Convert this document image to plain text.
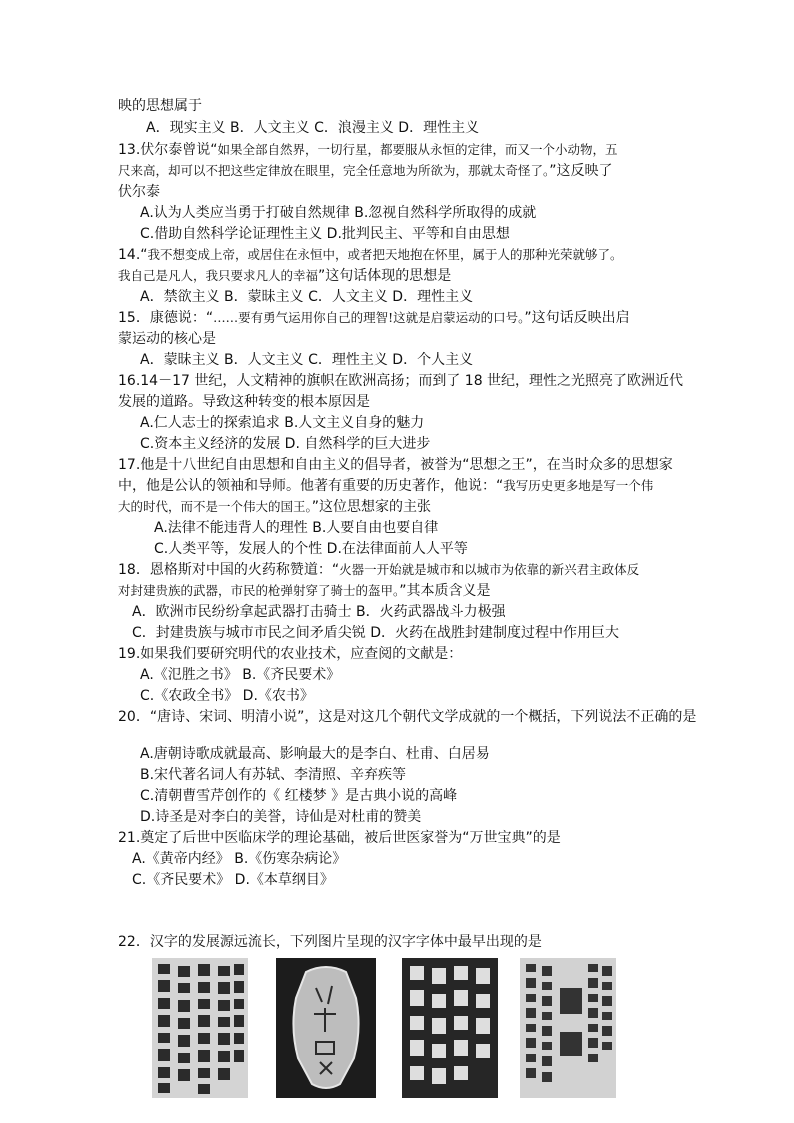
映的思想属于
A．现实主义 B．人文主义 C．浪漫主义 D．理性主义
13.伏尔泰曾说“如果全部自然界，一切行星，都要服从永恒的定律，而又一个小动物，五
尺来高，却可以不把这些定律放在眼里，完全任意地为所欲为，那就太奇怪了。”这反映了
伏尔泰
A.认为人类应当勇于打破自然规律 B.忽视自然科学所取得的成就
C.借助自然科学论证理性主义 D.批判民主、平等和自由思想
14.“我不想变成上帝，或居住在永恒中，或者把天地抱在怀里，属于人的那种光荣就够了。
我自己是凡人，我只要求凡人的幸福”这句话体现的思想是
A．禁欲主义 B．蒙昧主义 C．人文主义 D．理性主义
15．康德说：“……要有勇气运用你自己的理智!这就是启蒙运动的口号。”这句话反映出启
蒙运动的核心是
A．蒙昧主义 B．人文主义 C．理性主义 D．个人主义
16.14－17 世纪，人文精神的旗帜在欧洲高扬；而到了 18 世纪，理性之光照亮了欧洲近代
发展的道路。导致这种转变的根本原因是
A.仁人志士的探索追求 B.人文主义自身的魅力
C.资本主义经济的发展 D. 自然科学的巨大进步
17.他是十八世纪自由思想和自由主义的倡导者，被誉为“思想之王”，在当时众多的思想家
中，他是公认的领袖和导师。他著有重要的历史著作，他说：“我写历史更多地是写一个伟
大的时代，而不是一个伟大的国王。”这位思想家的主张
A.法律不能违背人的理性 B.人要自由也要自律
C.人类平等，发展人的个性 D.在法律面前人人平等
18．恩格斯对中国的火药称赞道：“火器一开始就是城市和以城市为依靠的新兴君主政体反
对封建贵族的武器，市民的枪弹射穿了骑士的盔甲。”其本质含义是
A．欧洲市民纷纷拿起武器打击骑士 B．火药武器战斗力极强
C．封建贵族与城市市民之间矛盾尖锐 D．火药在战胜封建制度过程中作用巨大
19.如果我们要研究明代的农业技术，应查阅的文献是：
A.《氾胜之书》 B.《齐民要术》
C.《农政全书》 D.《农书》
20．“唐诗、宋词、明清小说”，这是对这几个朝代文学成就的一个概括，下列说法不正确的是
A.唐朝诗歌成就最高、影响最大的是李白、杜甫、白居易
B.宋代著名词人有苏轼、李清照、辛弃疾等
C.清朝曹雪芹创作的《 红楼梦 》是古典小说的高峰
D.诗圣是对李白的美誉，诗仙是对杜甫的赞美
21.奠定了后世中医临床学的理论基础，被后世医家誉为“万世宝典”的是
A.《黄帝内经》 B.《伤寒杂病论》
C.《齐民要术》 D.《本草纲目》
22．汉字的发展源远流长，下列图片呈现的汉字字体中最早出现的是
